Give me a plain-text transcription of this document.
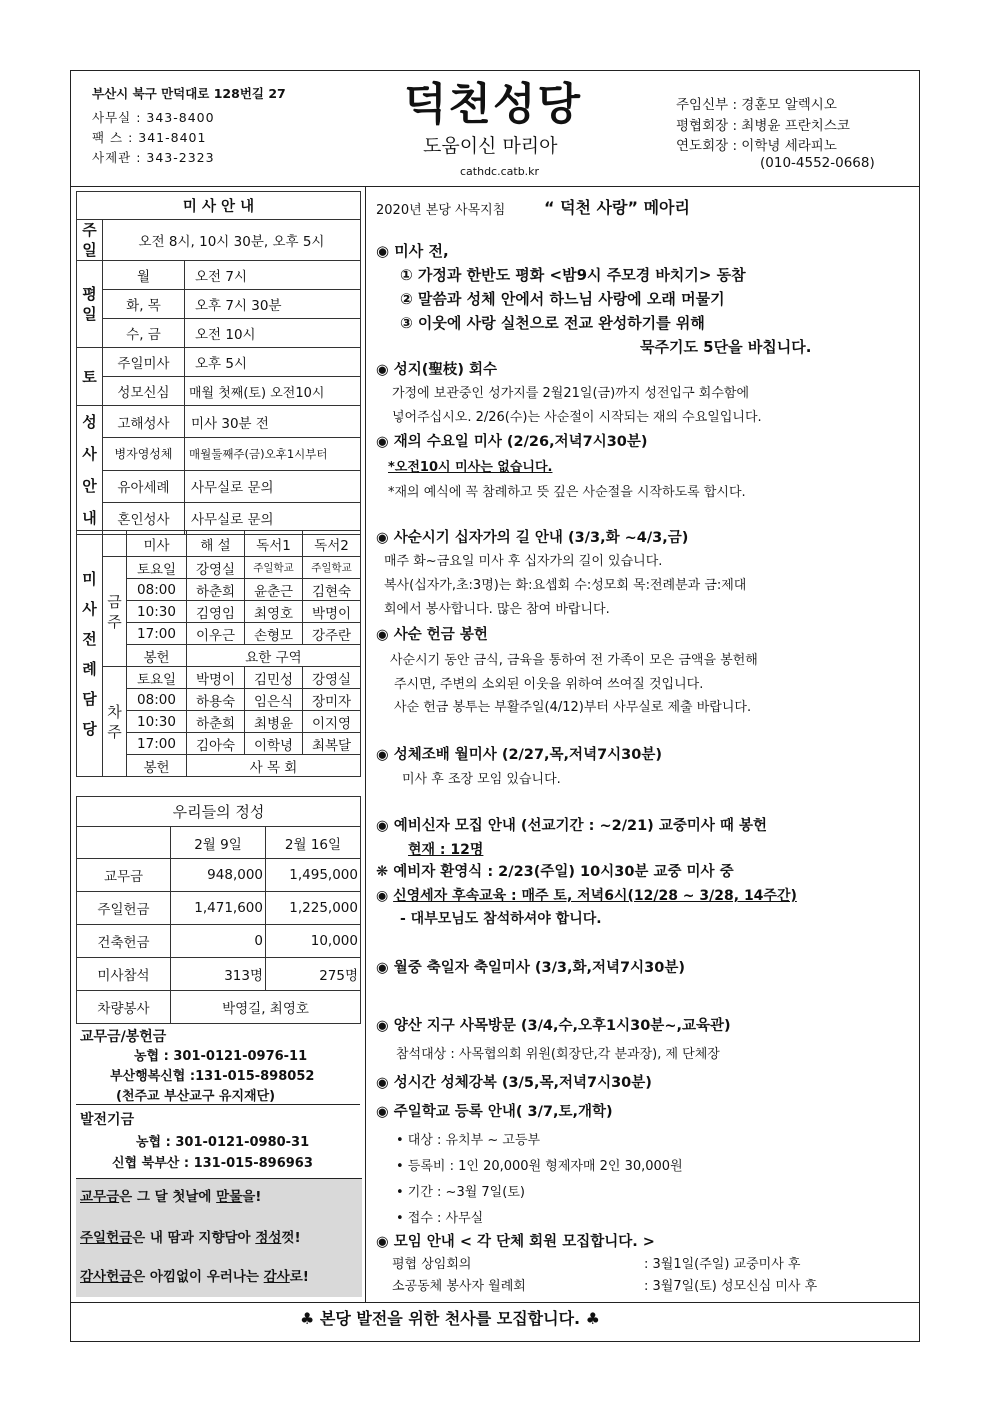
부산시 북구 만덕대로 128번길 27
사무실 : 343-8400
팩 스 : 341-8401
사제관 : 343-2323
덕천성당
도움이신 마리아
cathdc.catb.kr
주임신부 : 경훈모 알렉시오
평협회장 : 최병윤 프란치스코
연도회장 : 이학녕 세라피노
(010-4552-0668)
미 사 안 내		
주일	오전 8시, 10시 30분, 오후 5시	
평일	월	오전 7시
	화, 목	오후 7시 30분
	수, 금	오전 10시
토	주일미사	오후 5시
	성모신심	매월 첫째(토) 오전10시
성사안내	고해성사	미사 30분 전
	병자영성체	매월둘째주(금)오후1시부터
	유아세례	사무실로 문의
	혼인성사	사무실로 문의
미사전례담당		미사	해 설	독서1	독서2
	금주	토요일	강영실	주일학교	주일학교
		08:00	하춘희	윤춘근	김현숙
		10:30	김영임	최영호	박명이
		17:00	이우근	손형모	강주란
		봉헌	요한 구역		
	차주	토요일	박명이	김민성	강영실
		08:00	하용숙	임은식	장미자
		10:30	하춘희	최병윤	이지영
		17:00	김아숙	이학녕	최복달
		봉헌	사 목 회		
우리들의 정성		
	2월 9일	2월 16일
교무금	948,000	1,495,000
주일헌금	1,471,600	1,225,000
건축헌금	0	10,000
미사참석	313명	275명
차량봉사	박영길, 최영호	
교무금/봉헌금
농협 : 301-0121-0976-11
부산행복신협 :131-015-898052
(천주교 부산교구 유지재단)
발전기금
농협 : 301-0121-0980-31
신협 북부산 : 131-015-896963
교무금은 그 달 첫날에 맏물을!
주일헌금은 내 땀과 지향담아 정성껏!
감사헌금은 아낌없이 우러나는 감사로!
2020년 본당 사목지침 “ 덕천 사랑” 메아리
◉ 미사 전,
① 가정과 한반도 평화 <밤9시 주모경 바치기> 동참
② 말씀과 성체 안에서 하느님 사랑에 오래 머물기
③ 이웃에 사랑 실천으로 전교 완성하기를 위해
묵주기도 5단을 바칩니다.
◉ 성지(聖枝) 회수
가정에 보관중인 성가지를 2월21일(금)까지 성전입구 회수함에
넣어주십시오. 2/26(수)는 사순절이 시작되는 재의 수요일입니다.
◉ 재의 수요일 미사 (2/26,저녁7시30분)
*오전10시 미사는 없습니다.
*재의 예식에 꼭 참례하고 뜻 깊은 사순절을 시작하도록 합시다.
◉ 사순시기 십자가의 길 안내 (3/3,화 ~4/3,금)
매주 화~금요일 미사 후 십자가의 길이 있습니다.
복사(십자가,초:3명)는 화:요셉회 수:성모회 목:전례분과 금:제대
회에서 봉사합니다. 많은 참여 바랍니다.
◉ 사순 헌금 봉헌
사순시기 동안 금식, 금육을 통하여 전 가족이 모은 금액을 봉헌해
주시면, 주변의 소외된 이웃을 위하여 쓰여질 것입니다.
사순 헌금 봉투는 부활주일(4/12)부터 사무실로 제출 바랍니다.
◉ 성체조배 월미사 (2/27,목,저녁7시30분)
미사 후 조장 모임 있습니다.
◉ 예비신자 모집 안내 (선교기간 : ~2/21) 교중미사 때 봉헌
현재 : 12명
❋ 예비자 환영식 : 2/23(주일) 10시30분 교중 미사 중
◉ 신영세자 후속교육 : 매주 토, 저녁6시(12/28 ~ 3/28, 14주간)
- 대부모님도 참석하셔야 합니다.
◉ 월중 축일자 축일미사 (3/3,화,저녁7시30분)
◉ 양산 지구 사목방문 (3/4,수,오후1시30분~,교육관)
참석대상 : 사목협의회 위원(회장단,각 분과장), 제 단체장
◉ 성시간 성체강복 (3/5,목,저녁7시30분)
◉ 주일학교 등록 안내( 3/7,토,개학)
• 대상 : 유치부 ~ 고등부
• 등록비 : 1인 20,000원 형제자매 2인 30,000원
• 기간 : ~3월 7일(토)
• 접수 : 사무실
◉ 모임 안내 < 각 단체 회원 모집합니다. >
평협 상임회의	: 3월1일(주일) 교중미사 후
소공동체 봉사자 월례회	: 3월7일(토) 성모신심 미사 후
♣ 본당 발전을 위한 천사를 모집합니다. ♣
